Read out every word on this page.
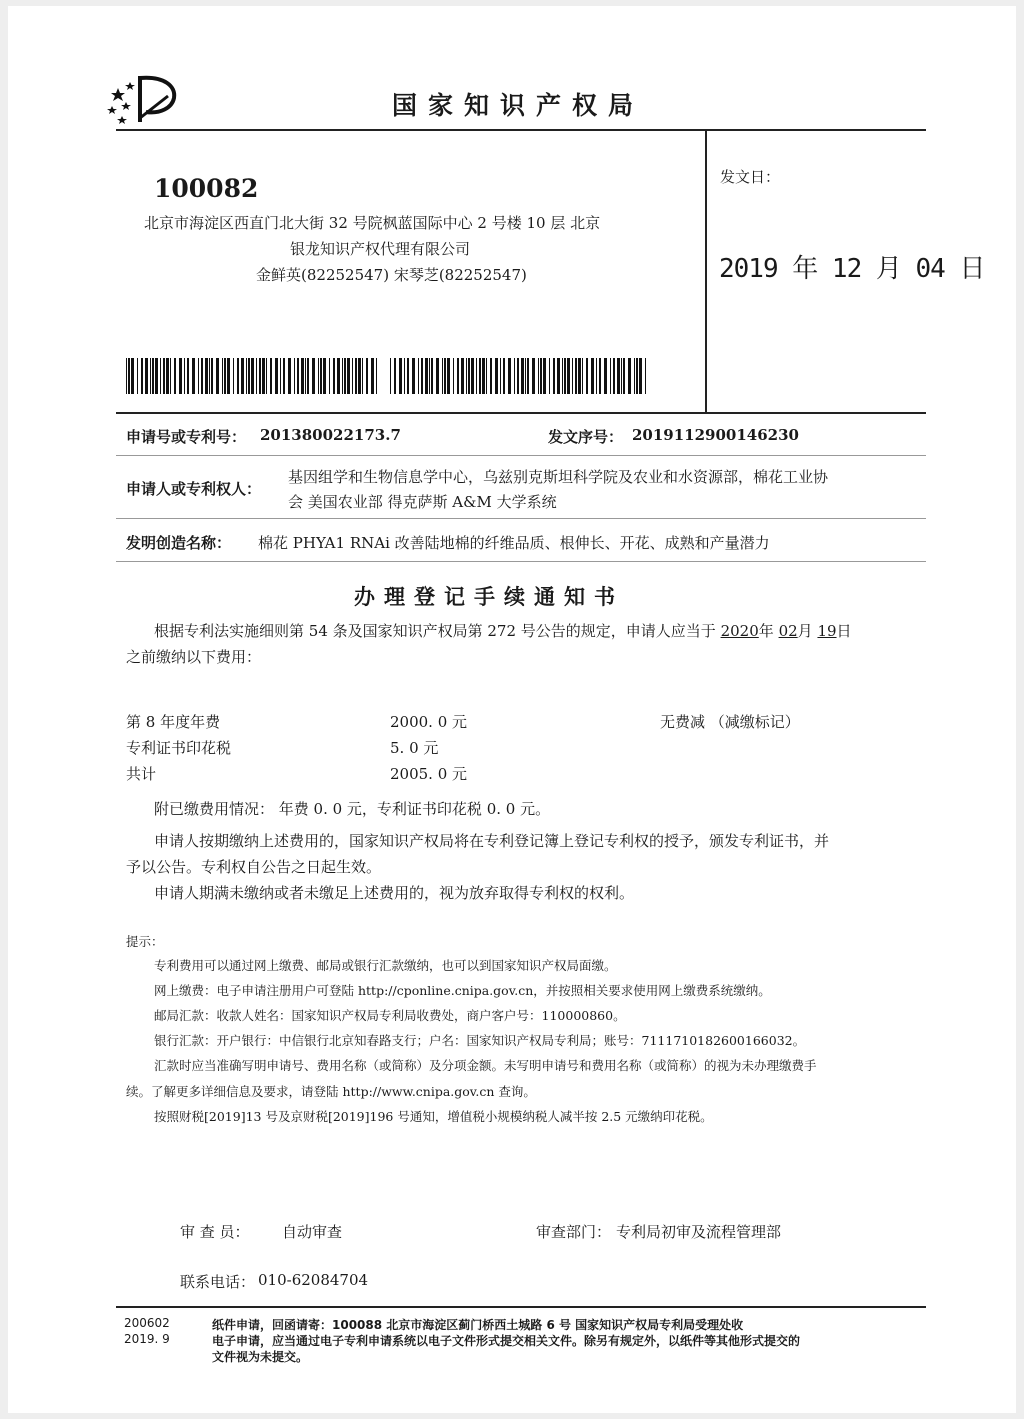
国家知识产权局
100082
北京市海淀区西直门北大街 32 号院枫蓝国际中心 2 号楼 10 层 北京
银龙知识产权代理有限公司
金鲜英(82252547) 宋琴芝(82252547)
发文日：
2019 年 12 月 04 日
申请号或专利号： 201380022173.7	发文序号： 2019112900146230
申请人或专利权人：
基因组学和生物信息学中心，乌兹别克斯坦科学院及农业和水资源部，棉花工业协
会 美国农业部 得克萨斯 A&M 大学系统
发明创造名称： 棉花 PHYA1 RNAi 改善陆地棉的纤维品质、根伸长、开花、成熟和产量潜力
办理登记手续通知书
根据专利法实施细则第 54 条及国家知识产权局第 272 号公告的规定，申请人应当于 2020年 02月 19日
之前缴纳以下费用：
第 8 年度年费	2000. 0 元	无费减 （减缴标记）
专利证书印花税	5. 0 元
共计	2005. 0 元
附已缴费用情况： 年费 0. 0 元，专利证书印花税 0. 0 元。
申请人按期缴纳上述费用的，国家知识产权局将在专利登记簿上登记专利权的授予，颁发专利证书，并
予以公告。专利权自公告之日起生效。
申请人期满未缴纳或者未缴足上述费用的，视为放弃取得专利权的权利。
提示：
专利费用可以通过网上缴费、邮局或银行汇款缴纳，也可以到国家知识产权局面缴。
网上缴费：电子申请注册用户可登陆 http://cponline.cnipa.gov.cn，并按照相关要求使用网上缴费系统缴纳。
邮局汇款：收款人姓名：国家知识产权局专利局收费处，商户客户号：110000860。
银行汇款：开户银行：中信银行北京知春路支行；户名：国家知识产权局专利局；账号：7111710182600166032。
汇款时应当准确写明申请号、费用名称（或简称）及分项金额。未写明申请号和费用名称（或简称）的视为未办理缴费手
续。了解更多详细信息及要求，请登陆 http://www.cnipa.gov.cn 查询。
按照财税[2019]13 号及京财税[2019]196 号通知，增值税小规模纳税人减半按 2.5 元缴纳印花税。
审 查 员： 自动审查	审查部门： 专利局初审及流程管理部
联系电话： 010-62084704
200602
2019. 9
纸件申请，回函请寄：100088 北京市海淀区蓟门桥西土城路 6 号 国家知识产权局专利局受理处收
电子申请，应当通过电子专利申请系统以电子文件形式提交相关文件。除另有规定外，以纸件等其他形式提交的
文件视为未提交。
